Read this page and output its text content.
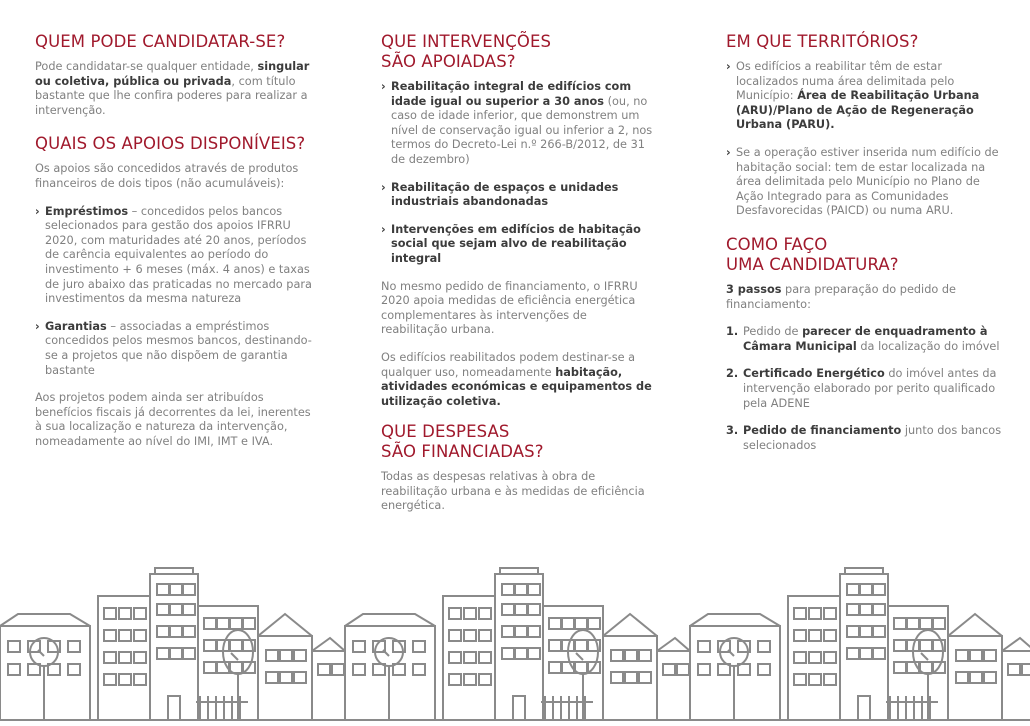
QUEM PODE CANDIDATAR-SE?

Pode candidatar-se qualquer entidade, singular ou coletiva, pública ou privada, com título bastante que lhe confira poderes para realizar a intervenção.

QUAIS OS APOIOS DISPONÍVEIS?

Os apoios são concedidos através de produtos financeiros de dois tipos (não acumuláveis):

› Empréstimos – concedidos pelos bancos selecionados para gestão dos apoios IFRRU 2020, com maturidades até 20 anos, períodos de carência equivalentes ao período do investimento + 6 meses (máx. 4 anos) e taxas de juro abaixo das praticadas no mercado para investimentos da mesma natureza

› Garantias – associadas a empréstimos concedidos pelos mesmos bancos, destinando-se a projetos que não dispõem de garantia bastante

Aos projetos podem ainda ser atribuídos benefícios fiscais já decorrentes da lei, inerentes à sua localização e natureza da intervenção, nomeadamente ao nível do IMI, IMT e IVA.

QUE INTERVENÇÕES
SÃO APOIADAS?

› Reabilitação integral de edifícios com idade igual ou superior a 30 anos (ou, no caso de idade inferior, que demonstrem um nível de conservação igual ou inferior a 2, nos termos do Decreto-Lei n.º 266-B/2012, de 31 de dezembro)

› Reabilitação de espaços e unidades industriais abandonadas

› Intervenções em edifícios de habitação social que sejam alvo de reabilitação integral

No mesmo pedido de financiamento, o IFRRU 2020 apoia medidas de eficiência energética complementares às intervenções de reabilitação urbana.

Os edifícios reabilitados podem destinar-se a qualquer uso, nomeadamente habitação, atividades económicas e equipamentos de utilização coletiva.

QUE DESPESAS
SÃO FINANCIADAS?

Todas as despesas relativas à obra de reabilitação urbana e às medidas de eficiência energética.

EM QUE TERRITÓRIOS?

› Os edifícios a reabilitar têm de estar localizados numa área delimitada pelo Município: Área de Reabilitação Urbana (ARU)/Plano de Ação de Regeneração Urbana (PARU).

› Se a operação estiver inserida num edifício de habitação social: tem de estar localizada na área delimitada pelo Município no Plano de Ação Integrado para as Comunidades Desfavorecidas (PAICD) ou numa ARU.

COMO FAÇO
UMA CANDIDATURA?

3 passos para preparação do pedido de financiamento:

1. Pedido de parecer de enquadramento à Câmara Municipal da localização do imóvel

2. Certificado Energético do imóvel antes da intervenção elaborado por perito qualificado pela ADENE

3. Pedido de financiamento junto dos bancos selecionados
